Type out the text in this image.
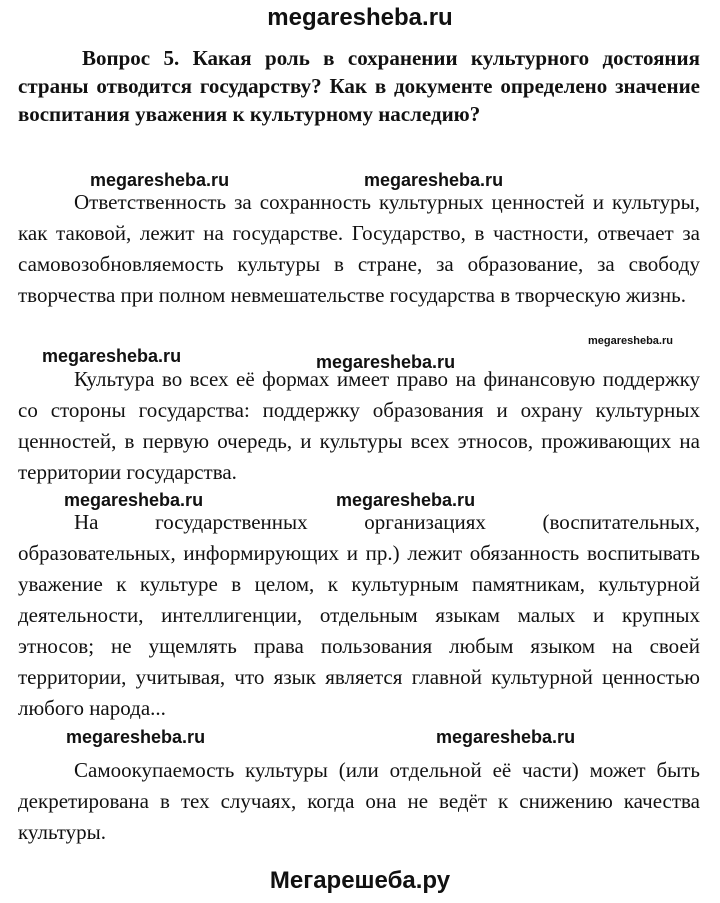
megaresheba.ru
Вопрос 5. Какая роль в сохранении культурного достояния страны отводится государству? Как в документе определено значение воспитания уважения к культурному наследию?
megaresheba.ru	megaresheba.ru
Ответственность за сохранность культурных ценностей и культуры, как таковой, лежит на государстве. Государство, в частности, отвечает за самовозобновляемость культуры в стране, за образование, за свободу творчества при полном невмешательстве государства в творческую жизнь.
megaresheba.ru
megaresheba.ru	megaresheba.ru
Культура во всех её формах имеет право на финансовую поддержку со стороны государства: поддержку образования и охрану культурных ценностей, в первую очередь, и культуры всех этносов, проживающих на территории государства.
megaresheba.ru	megaresheba.ru
На государственных организациях (воспитательных, образовательных, информирующих и пр.) лежит обязанность воспитывать уважение к культуре в целом, к культурным памятникам, культурной деятельности, интеллигенции, отдельным языкам малых и крупных этносов; не ущемлять права пользования любым языком на своей территории, учитывая, что язык является главной культурной ценностью любого народа...
megaresheba.ru	megaresheba.ru
Самоокупаемость культуры (или отдельной её части) может быть декретирована в тех случаях, когда она не ведёт к снижению качества культуры.
Мегарешеба.ру
